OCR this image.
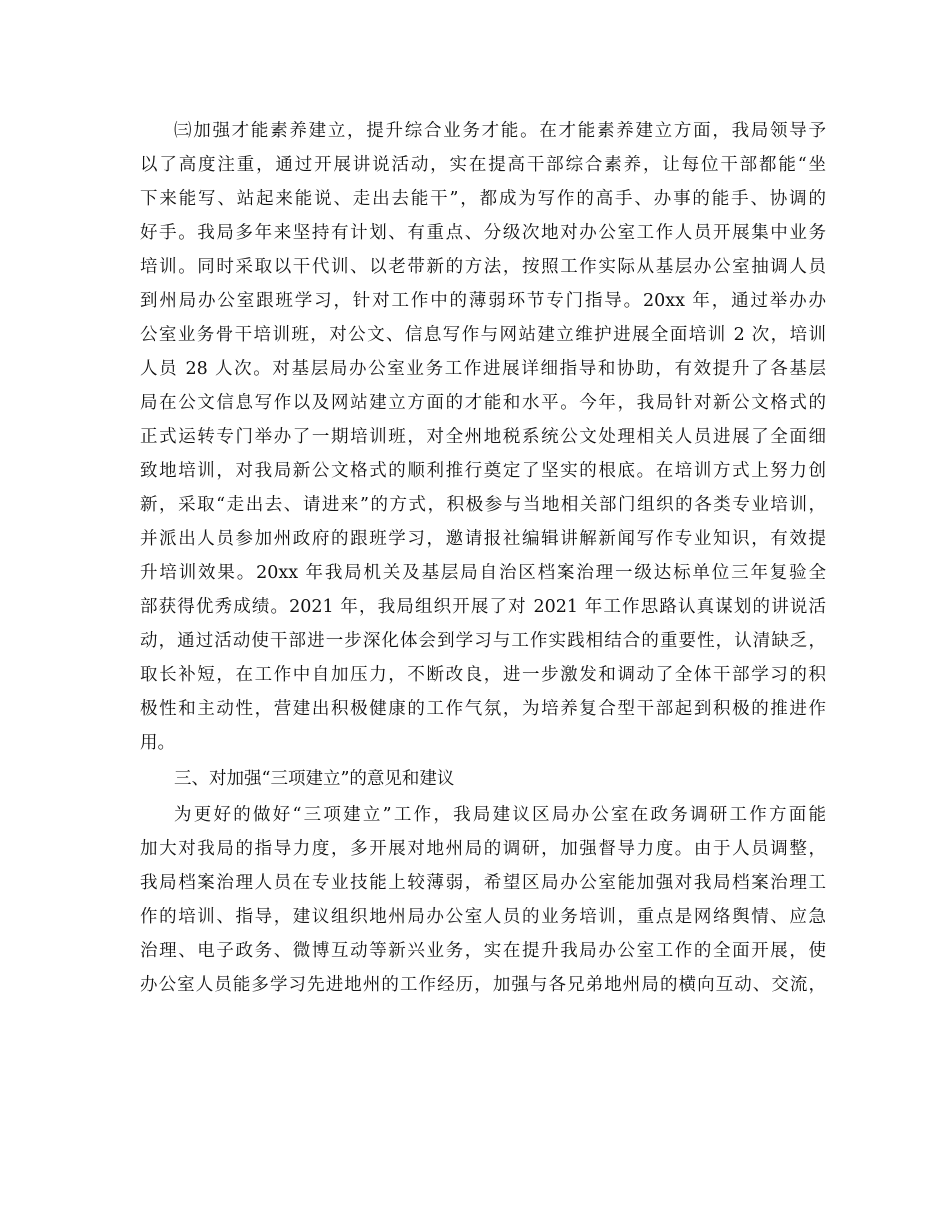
㈢加强才能素养建立，提升综合业务才能。在才能素养建立方面，我局领导予
以了高度注重，通过开展讲说活动，实在提高干部综合素养，让每位干部都能“坐
下来能写、站起来能说、走出去能干”，都成为写作的高手、办事的能手、协调的
好手。我局多年来坚持有计划、有重点、分级次地对办公室工作人员开展集中业务
培训。同时采取以干代训、以老带新的方法，按照工作实际从基层办公室抽调人员
到州局办公室跟班学习，针对工作中的薄弱环节专门指导。20xx 年，通过举办办
公室业务骨干培训班，对公文、信息写作与网站建立维护进展全面培训 2 次，培训
人员 28 人次。对基层局办公室业务工作进展详细指导和协助，有效提升了各基层
局在公文信息写作以及网站建立方面的才能和水平。今年，我局针对新公文格式的
正式运转专门举办了一期培训班，对全州地税系统公文处理相关人员进展了全面细
致地培训，对我局新公文格式的顺利推行奠定了坚实的根底。在培训方式上努力创
新，采取“走出去、请进来”的方式，积极参与当地相关部门组织的各类专业培训，
并派出人员参加州政府的跟班学习，邀请报社编辑讲解新闻写作专业知识，有效提
升培训效果。20xx 年我局机关及基层局自治区档案治理一级达标单位三年复验全
部获得优秀成绩。2021 年，我局组织开展了对 2021 年工作思路认真谋划的讲说活
动，通过活动使干部进一步深化体会到学习与工作实践相结合的重要性，认清缺乏，
取长补短，在工作中自加压力，不断改良，进一步激发和调动了全体干部学习的积
极性和主动性，营建出积极健康的工作气氛，为培养复合型干部起到积极的推进作
用。
三、对加强“三项建立”的意见和建议
为更好的做好“三项建立”工作，我局建议区局办公室在政务调研工作方面能
加大对我局的指导力度，多开展对地州局的调研，加强督导力度。由于人员调整，
我局档案治理人员在专业技能上较薄弱，希望区局办公室能加强对我局档案治理工
作的培训、指导，建议组织地州局办公室人员的业务培训，重点是网络舆情、应急
治理、电子政务、微博互动等新兴业务，实在提升我局办公室工作的全面开展，使
办公室人员能多学习先进地州的工作经历，加强与各兄弟地州局的横向互动、交流，
